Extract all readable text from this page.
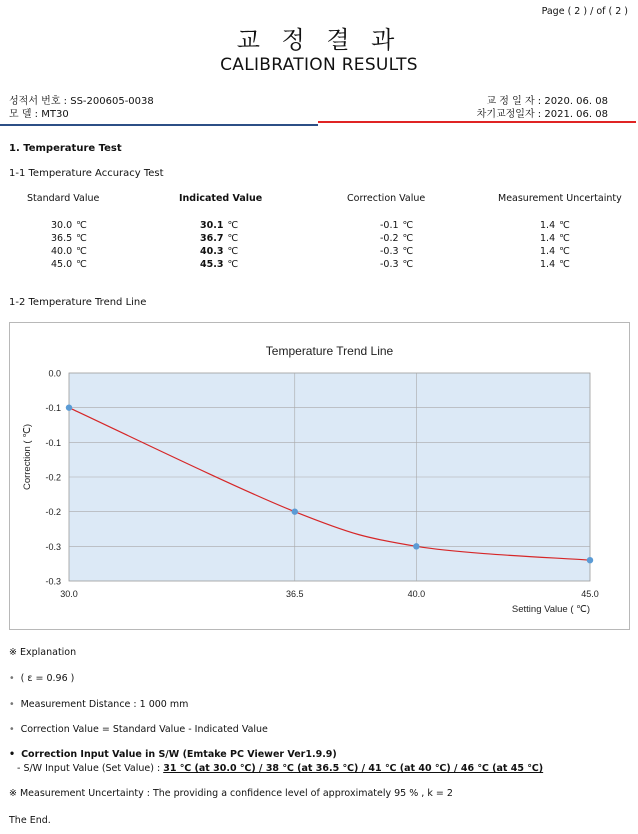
Page ( 2 ) / of ( 2 )
교 정 결 과
CALIBRATION RESULTS
성적서 번호 : SS-200605-0038
모 델 : MT30
교 정 일 자 : 2020. 06. 08
차기교정일자 : 2021. 06. 08
1. Temperature Test
1-1 Temperature Accuracy Test
Standard Value	Indicated Value	Correction Value	Measurement Uncertainty
30.0 ℃	30.1 ℃	-0.1 ℃	1.4 ℃
36.5 ℃	36.7 ℃	-0.2 ℃	1.4 ℃
40.0 ℃	40.3 ℃	-0.3 ℃	1.4 ℃
45.0 ℃	45.3 ℃	-0.3 ℃	1.4 ℃
1-2 Temperature Trend Line
Temperature Trend Line
0.0
-0.1
-0.1
-0.2
-0.2
-0.3
-0.3
30.0	36.5	40.0	45.0
Correction ( ℃)
Setting Value ( ℃)
※ Explanation
• ( ε = 0.96 )
• Measurement Distance : 1 000 mm
• Correction Value = Standard Value - Indicated Value
• Correction Input Value in S/W (Emtake PC Viewer Ver1.9.9)
- S/W Input Value (Set Value) : 31 ℃ (at 30.0 ℃) / 38 ℃ (at 36.5 ℃) / 41 ℃ (at 40 ℃) / 46 ℃ (at 45 ℃)
※ Measurement Uncertainty : The providing a confidence level of approximately 95 % , k = 2
The End.
